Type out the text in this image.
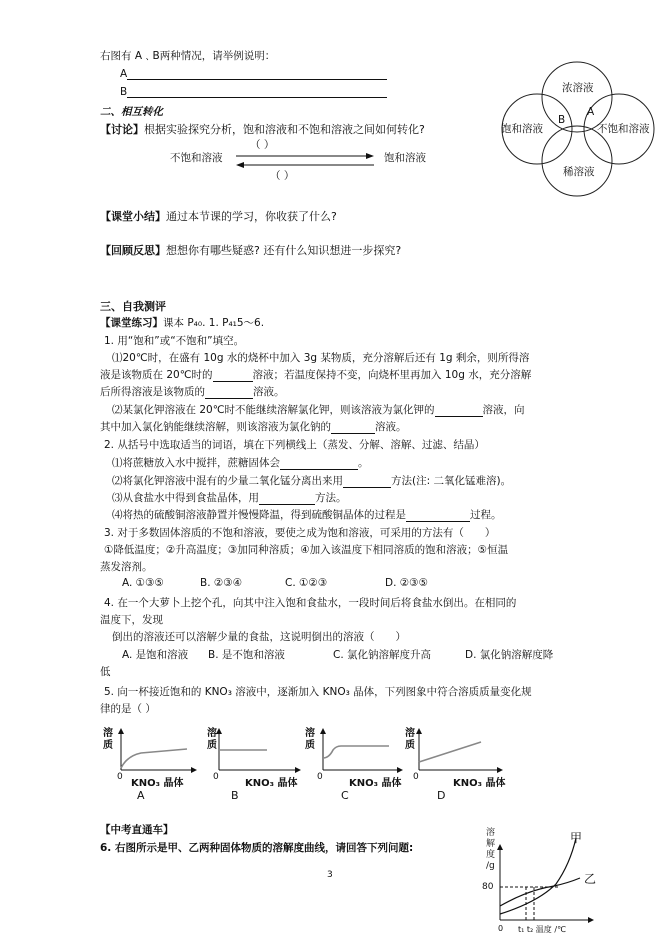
右图有 A﹑B两种情况，请举例说明：
A
B
二、相互转化
【讨论】根据实验探究分析，饱和溶液和不饱和溶液之间如何转化?
（ ）
不饱和溶液	饱和溶液
（ ）
浓溶液
饱和溶液	不饱和溶液
稀溶液
A
B
【课堂小结】通过本节课的学习，你收获了什么?
【回顾反思】想想你有哪些疑惑? 还有什么知识想进一步探究?
三、自我测评
【课堂练习】课本 P₄₀. 1. P₄₁5～6.
1. 用“饱和”或“不饱和”填空。
⑴20℃时，在盛有 10g 水的烧杯中加入 3g 某物质，充分溶解后还有 1g 剩余，则所得溶
液是该物质在 20℃时的	溶液；若温度保持不变，向烧杯里再加入 10g 水，充分溶解
后所得溶液是该物质的	溶液。
⑵某氯化钾溶液在 20℃时不能继续溶解氯化钾，则该溶液为氯化钾的	溶液，向
其中加入氯化钠能继续溶解，则该溶液为氯化钠的	溶液。
2. 从括号中选取适当的词语，填在下列横线上（蒸发、分解、溶解、过滤、结晶）
⑴将蔗糖放入水中搅拌，蔗糖固体会	。
⑵将氯化钾溶液中混有的少量二氧化锰分离出来用	方法(注: 二氧化锰难溶)。
⑶从食盐水中得到食盐晶体，用	方法。
⑷将热的硫酸铜溶液静置并慢慢降温，得到硫酸铜晶体的过程是	过程。
3. 对于多数固体溶质的不饱和溶液，要使之成为饱和溶液，可采用的方法有（　　）
①降低温度；②升高温度；③加同种溶质；④加入该温度下相同溶质的饱和溶液；⑤恒温
蒸发溶剂。
A. ①③⑤	B. ②③④	C. ①②③	D. ②③⑤
4. 在一个大萝卜上挖个孔，向其中注入饱和食盐水，一段时间后将食盐水倒出。在相同的
温度下，发现
倒出的溶液还可以溶解少量的食盐，这说明倒出的溶液（　　）
A. 是饱和溶液 B. 是不饱和溶液	C. 氯化钠溶解度升高	D. 氯化钠溶解度降
低
5. 向一杯接近饱和的 KNO₃ 溶液中，逐渐加入 KNO₃ 晶体，下列图象中符合溶质质量变化规
律的是（ ）
溶
质
0
KNO₃ 晶体
A
溶
质
0
KNO₃ 晶体
B
溶
质
0
KNO₃ 晶体
C
溶
质
0
KNO₃ 晶体
D
【中考直通车】
6. 右图所示是甲、乙两种固体物质的溶解度曲线，请回答下列问题:
溶
解
度
/g
80
0 t₁ t₂ 温度 /℃
甲
乙
3
